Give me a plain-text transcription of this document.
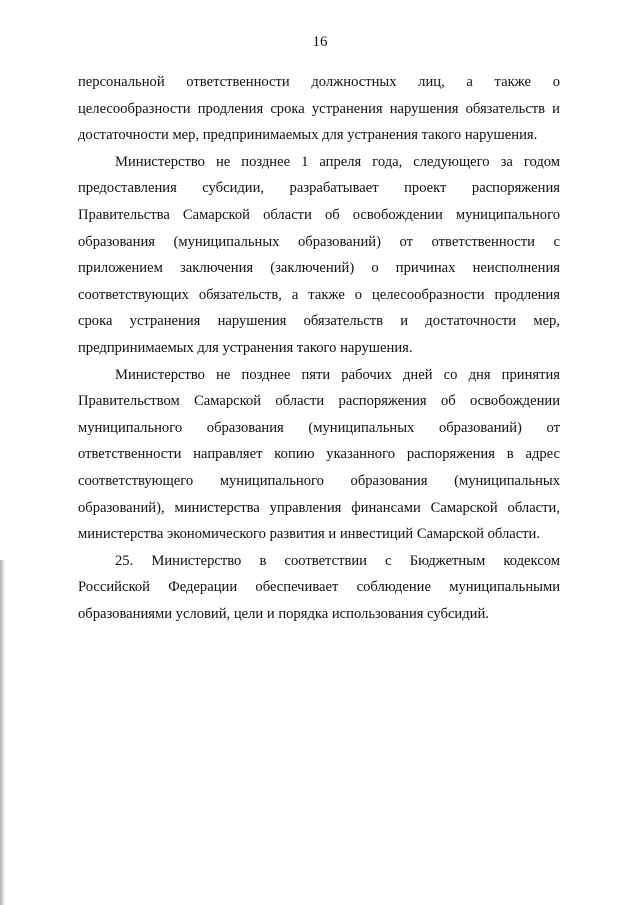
16

персональной ответственности должностных лиц, а также о
целесообразности продления срока устранения нарушения обязательств и
достаточности мер, предпринимаемых для устранения такого нарушения.

Министерство не позднее 1 апреля года, следующего за годом
предоставления субсидии, разрабатывает проект распоряжения
Правительства Самарской области об освобождении муниципального
образования (муниципальных образований) от ответственности с
приложением заключения (заключений) о причинах неисполнения
соответствующих обязательств, а также о целесообразности продления
срока устранения нарушения обязательств и достаточности мер,
предпринимаемых для устранения такого нарушения.

Министерство не позднее пяти рабочих дней со дня принятия
Правительством Самарской области распоряжения об освобождении
муниципального образования (муниципальных образований) от
ответственности направляет копию указанного распоряжения в адрес
соответствующего муниципального образования (муниципальных
образований), министерства управления финансами Самарской области,
министерства экономического развития и инвестиций Самарской области.

25. Министерство в соответствии с Бюджетным кодексом
Российской Федерации обеспечивает соблюдение муниципальными
образованиями условий, цели и порядка использования субсидий.
